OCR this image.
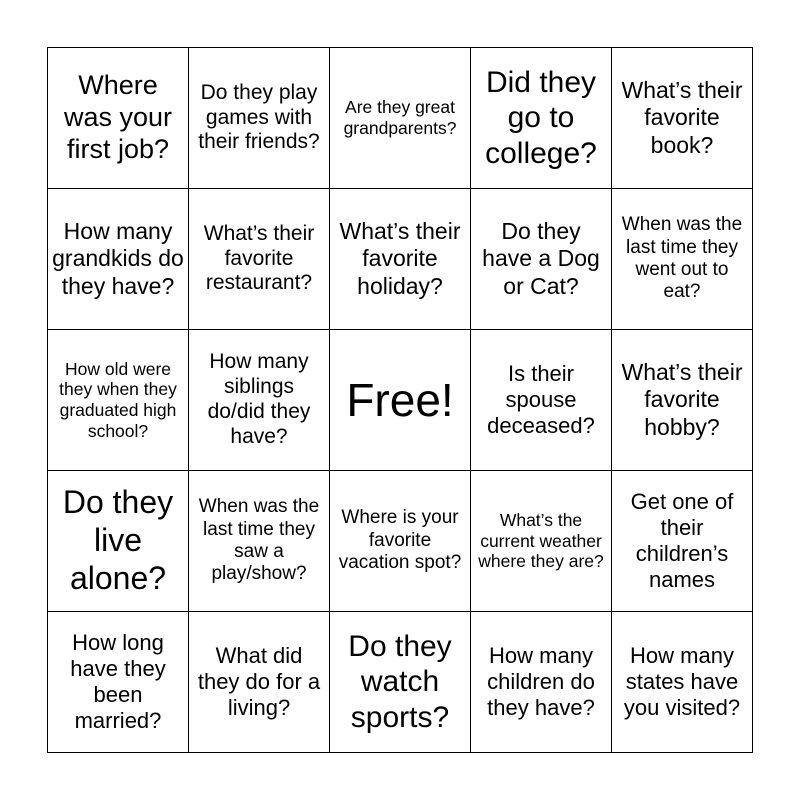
Where was your first job?
Do they play games with their friends?
Are they great grandparents?
Did they go to college?
What’s their favorite book?
How many grandkids do they have?
What’s their favorite restaurant?
What’s their favorite holiday?
Do they have a Dog or Cat?
When was the last time they went out to eat?
How old were they when they graduated high school?
How many siblings do/did they have?
Free!
Is their spouse deceased?
What’s their favorite hobby?
Do they live alone?
When was the last time they saw a play/show?
Where is your favorite vacation spot?
What’s the current weather where they are?
Get one of their children’s names
How long have they been married?
What did they do for a living?
Do they watch sports?
How many children do they have?
How many states have you visited?
